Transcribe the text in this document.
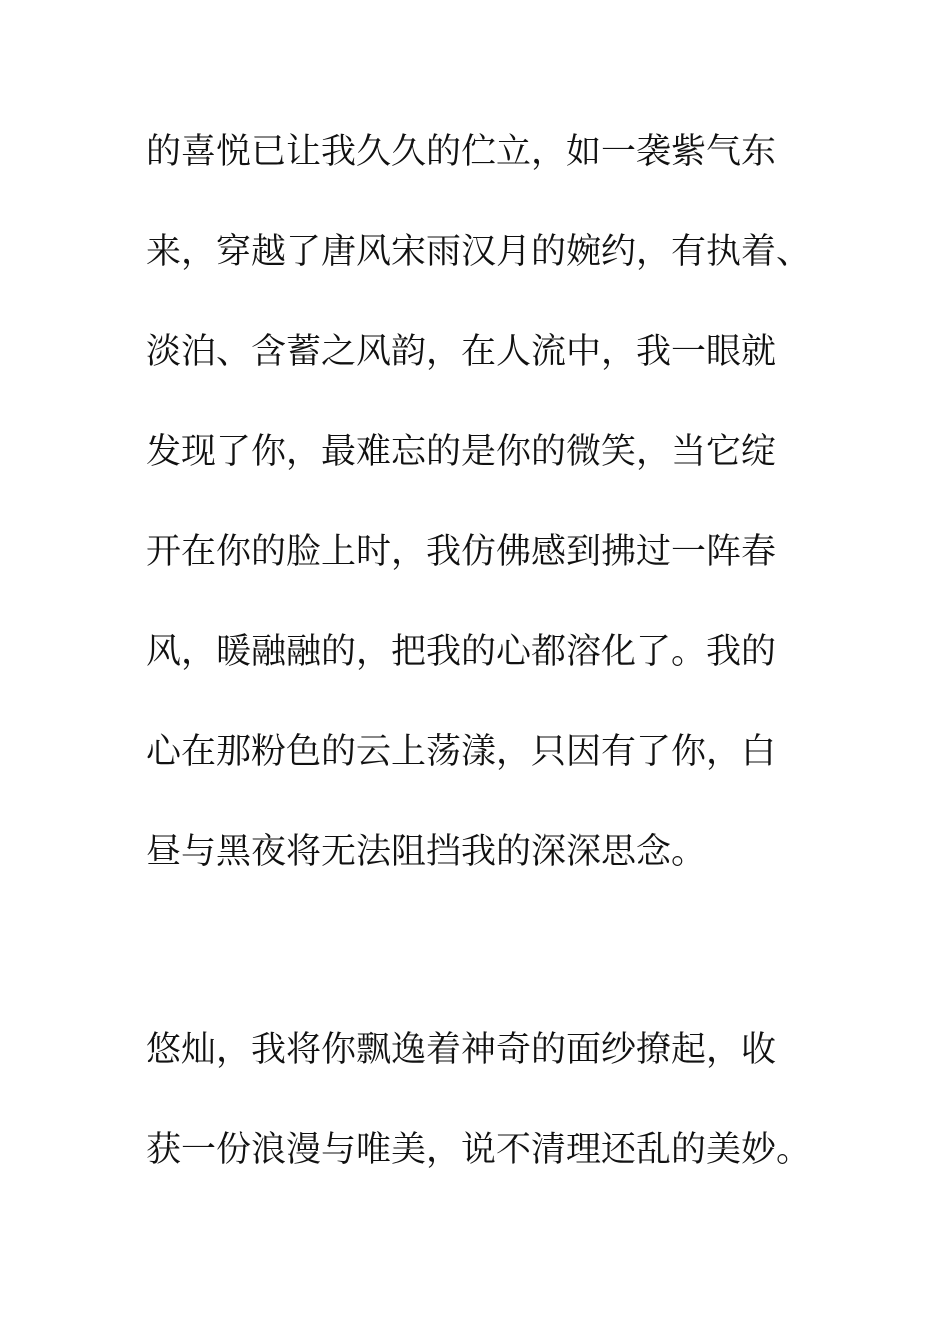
的喜悦已让我久久的伫立，如一袭紫气东
来，穿越了唐风宋雨汉月的婉约，有执着、
淡泊、含蓄之风韵，在人流中，我一眼就
发现了你，最难忘的是你的微笑，当它绽
开在你的脸上时，我仿佛感到拂过一阵春
风，暖融融的，把我的心都溶化了。我的
心在那粉色的云上荡漾，只因有了你，白
昼与黑夜将无法阻挡我的深深思念。
悠灿，我将你飘逸着神奇的面纱撩起，收
获一份浪漫与唯美，说不清理还乱的美妙。
